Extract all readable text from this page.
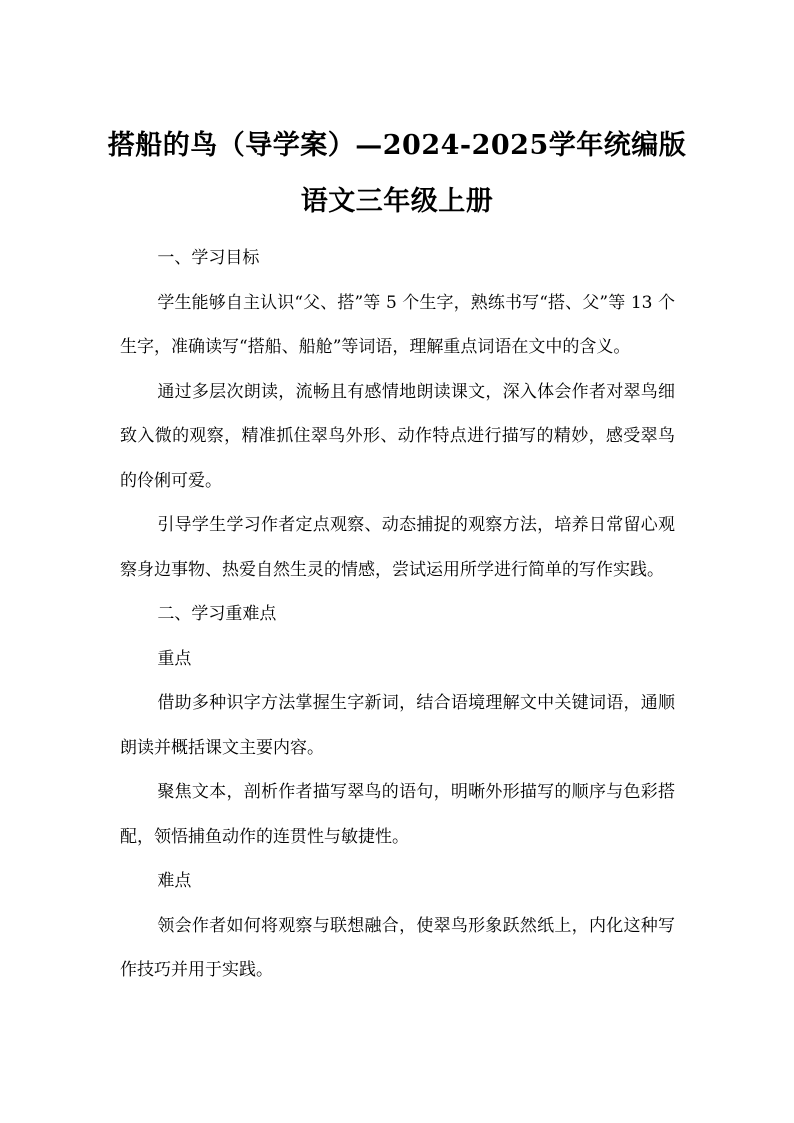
搭船的鸟（导学案）—2024-2025学年统编版语文三年级上册

一、学习目标

学生能够自主认识“父、搭”等 5 个生字，熟练书写“搭、父”等 13 个生字，准确读写“搭船、船舱”等词语，理解重点词语在文中的含义。

通过多层次朗读，流畅且有感情地朗读课文，深入体会作者对翠鸟细致入微的观察，精准抓住翠鸟外形、动作特点进行描写的精妙，感受翠鸟的伶俐可爱。

引导学生学习作者定点观察、动态捕捉的观察方法，培养日常留心观察身边事物、热爱自然生灵的情感，尝试运用所学进行简单的写作实践。

二、学习重难点

重点

借助多种识字方法掌握生字新词，结合语境理解文中关键词语，通顺朗读并概括课文主要内容。

聚焦文本，剖析作者描写翠鸟的语句，明晰外形描写的顺序与色彩搭配，领悟捕鱼动作的连贯性与敏捷性。

难点

领会作者如何将观察与联想融合，使翠鸟形象跃然纸上，内化这种写作技巧并用于实践。
